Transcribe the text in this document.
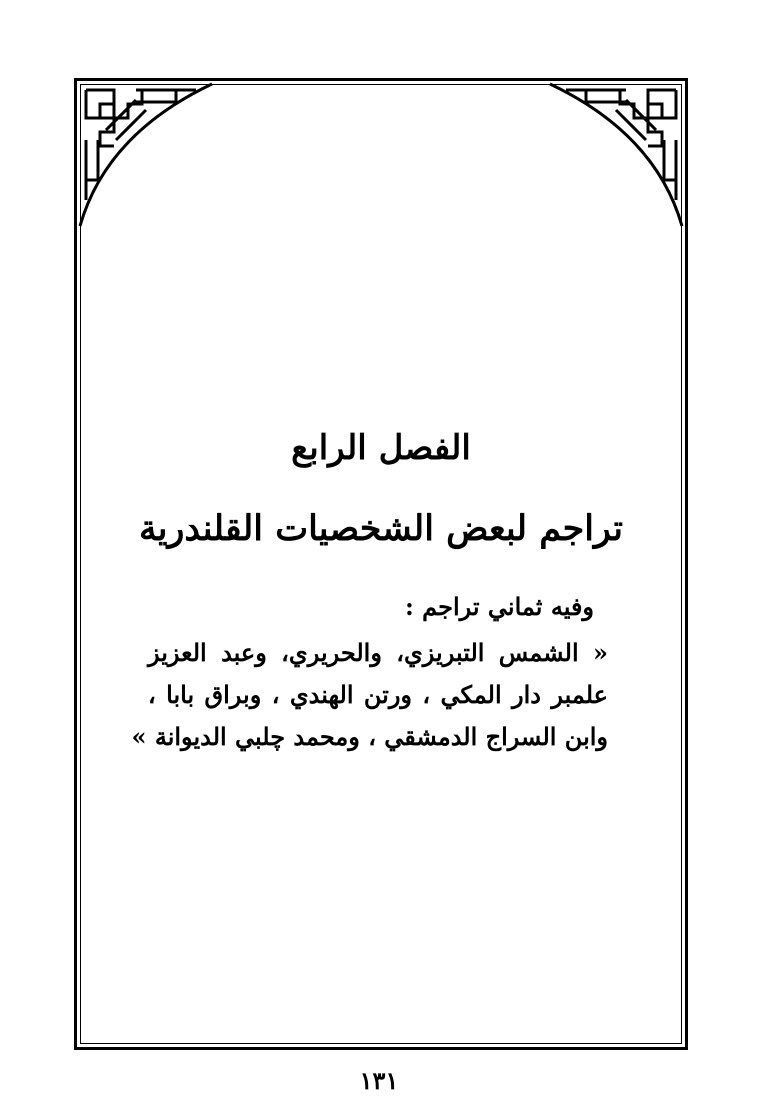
الفصل الرابع
تراجم لبعض الشخصيات القلندرية
وفيه ثماني تراجم :
« الشمس التبريزي، والحريري، وعبد العزيز
علمبر دار المكي ، ورتن الهندي ، وبراق بابا ،
وابن السراج الدمشقي ، ومحمد چلبي الديوانة »
١٣١
